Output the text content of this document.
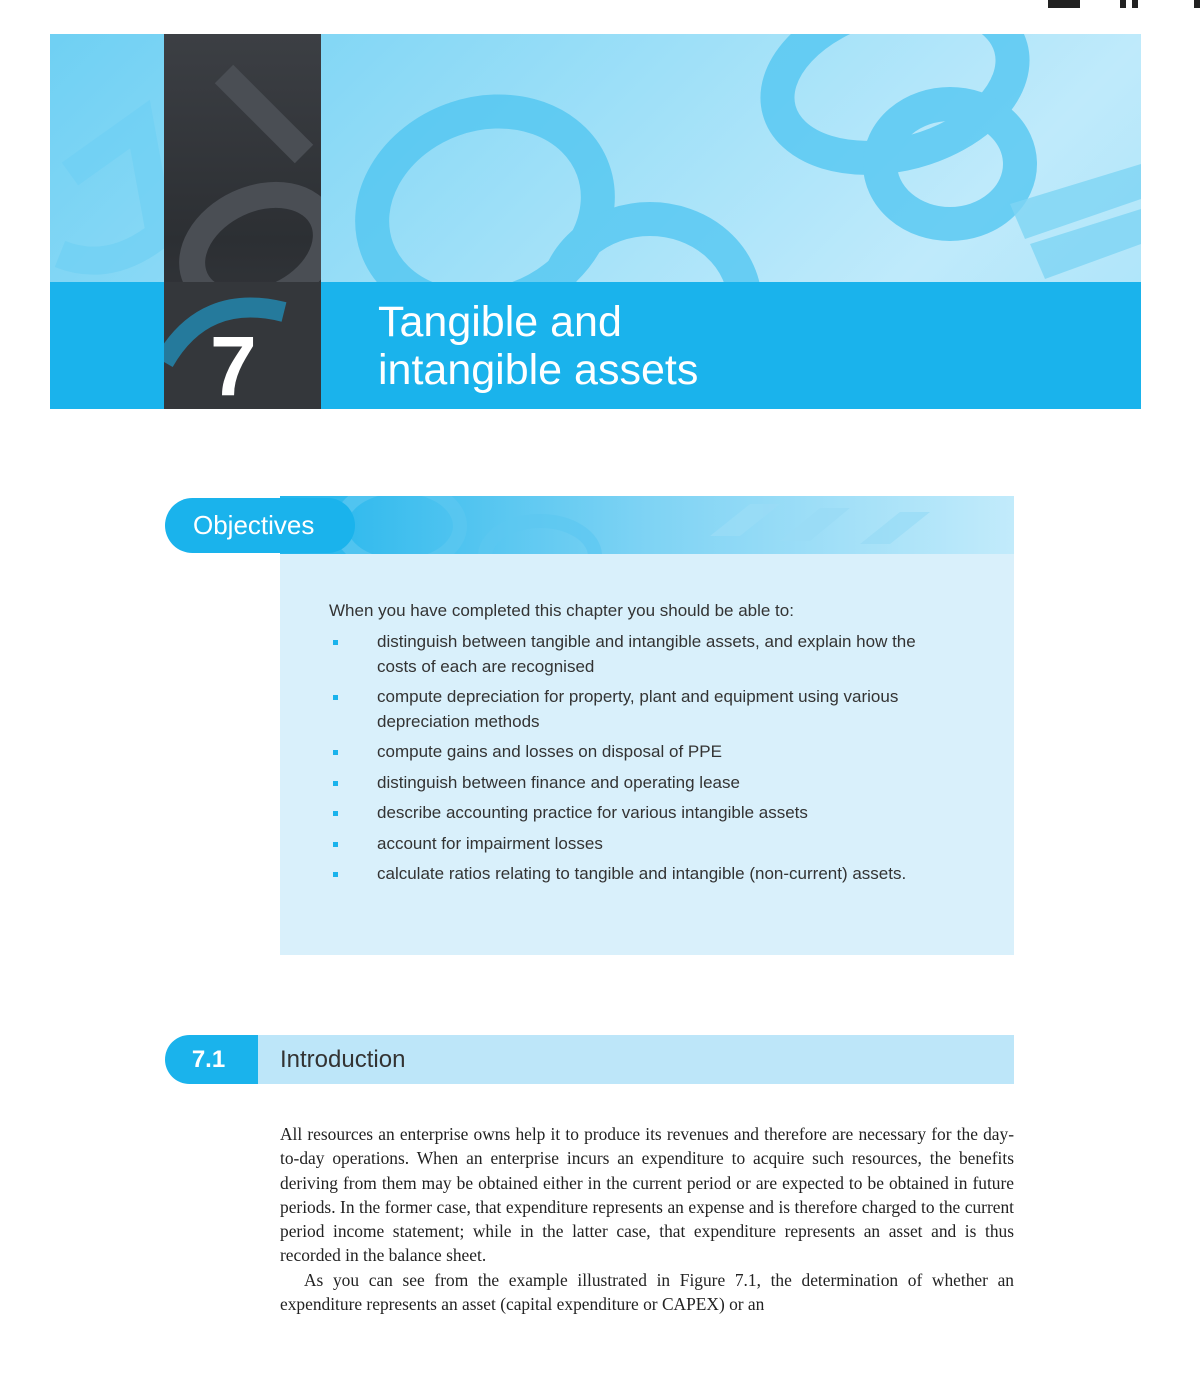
7	Tangible and
intangible assets
Objectives
When you have completed this chapter you should be able to:
distinguish between tangible and intangible assets, and explain how the costs of each are recognised
compute depreciation for property, plant and equipment using various depreciation methods
compute gains and losses on disposal of PPE
distinguish between finance and operating lease
describe accounting practice for various intangible assets
account for impairment losses
calculate ratios relating to tangible and intangible (non-current) assets.
7.1	Introduction

All resources an enterprise owns help it to produce its revenues and therefore are necessary for the day-to-day operations. When an enterprise incurs an expenditure to acquire such resources, the benefits deriving from them may be obtained either in the current period or are expected to be obtained in future periods. In the former case, that expenditure represents an expense and is therefore charged to the current period income statement; while in the latter case, that expenditure represents an asset and is thus recorded in the balance sheet.

As you can see from the example illustrated in Figure 7.1, the determination of whether an expenditure represents an asset (capital expenditure or CAPEX) or an
